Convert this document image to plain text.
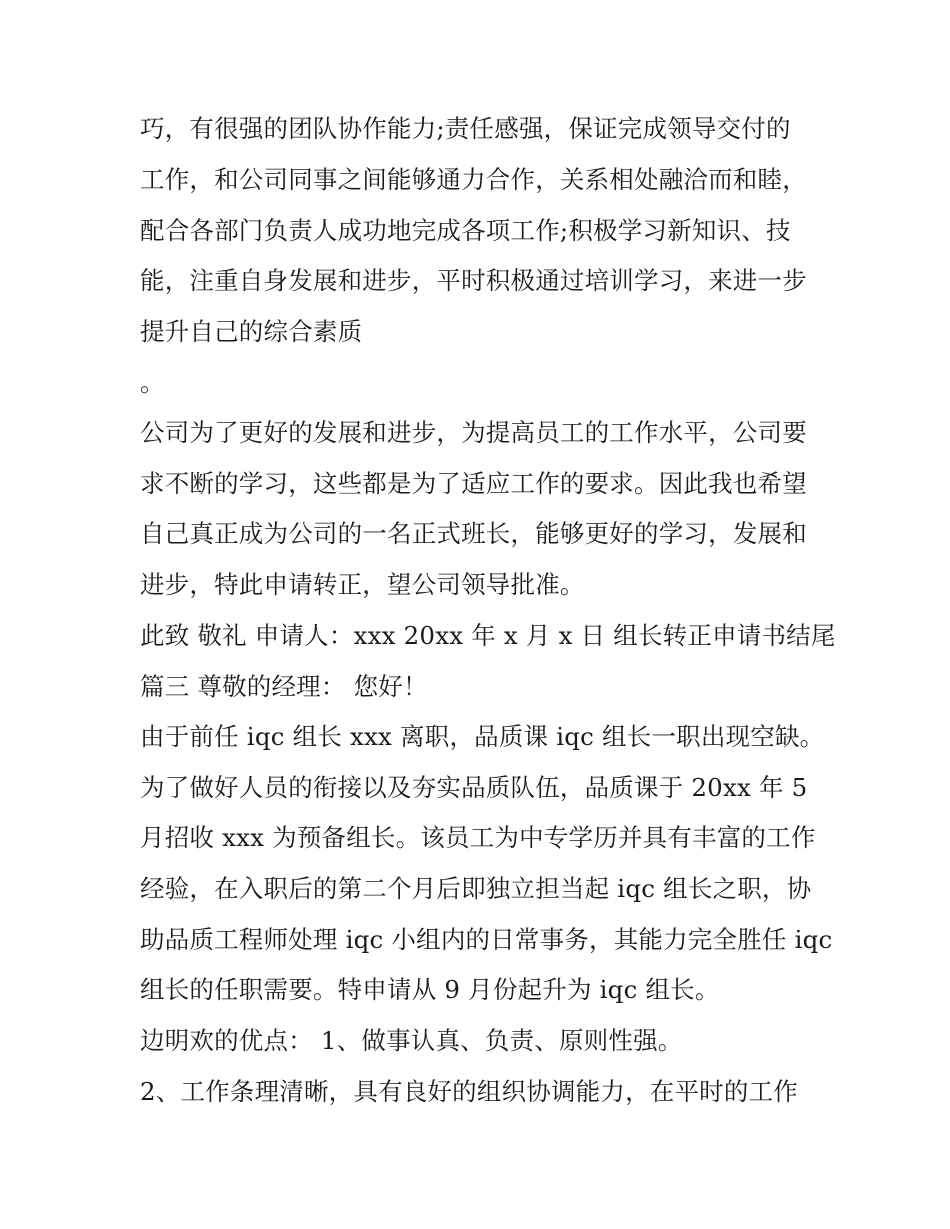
巧，有很强的团队协作能力;责任感强，保证完成领导交付的
工作，和公司同事之间能够通力合作，关系相处融洽而和睦，
配合各部门负责人成功地完成各项工作;积极学习新知识、技
能，注重自身发展和进步，平时积极通过培训学习，来进一步
提升自己的综合素质
。
公司为了更好的发展和进步，为提高员工的工作水平，公司要
求不断的学习，这些都是为了适应工作的要求。因此我也希望
自己真正成为公司的一名正式班长，能够更好的学习，发展和
进步，特此申请转正，望公司领导批准。
此致 敬礼 申请人：xxx 20xx 年 x 月 x 日 组长转正申请书结尾
篇三 尊敬的经理： 您好！
由于前任 iqc 组长 xxx 离职，品质课 iqc 组长一职出现空缺。
为了做好人员的衔接以及夯实品质队伍，品质课于 20xx 年 5
月招收 xxx 为预备组长。该员工为中专学历并具有丰富的工作
经验，在入职后的第二个月后即独立担当起 iqc 组长之职，协
助品质工程师处理 iqc 小组内的日常事务，其能力完全胜任 iqc
组长的任职需要。特申请从 9 月份起升为 iqc 组长。
边明欢的优点： 1、做事认真、负责、原则性强。
2、工作条理清晰，具有良好的组织协调能力，在平时的工作
